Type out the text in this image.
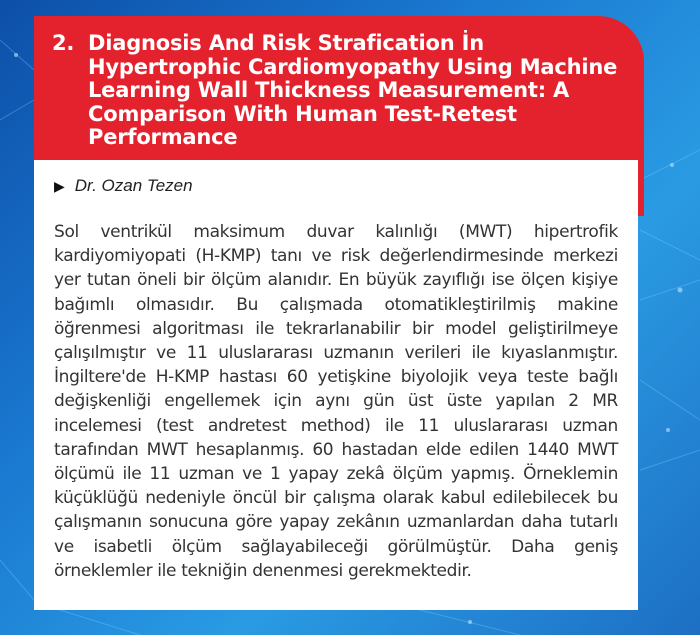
2. Diagnosis And Risk Strafication İn Hypertrophic Cardiomyopathy Using Machine Learning Wall Thickness Measurement: A Comparison With Human Test-Retest Performance
▶ Dr. Ozan Tezen

Sol ventrikül maksimum duvar kalınlığı (MWT) hipertrofik kardiyomiyopati (H-KMP) tanı ve risk değerlendirmesinde merkezi yer tutan öneli bir ölçüm alanıdır. En büyük zayıflığı ise ölçen kişiye bağımlı olmasıdır. Bu çalışmada otomatikleştirilmiş makine öğrenmesi algoritması ile tekrarlanabilir bir model geliştirilmeye çalışılmıştır ve 11 uluslararası uzmanın verileri ile kıyaslanmıştır. İngiltere'de H-KMP hastası 60 yetişkine biyolojik veya teste bağlı değişkenliği engellemek için aynı gün üst üste yapılan 2 MR incelemesi (test andretest method) ile 11 uluslararası uzman tarafından MWT hesaplanmış. 60 hastadan elde edilen 1440 MWT ölçümü ile 11 uzman ve 1 yapay zekâ ölçüm yapmış. Örneklemin küçüklüğü nedeniyle öncül bir çalışma olarak kabul edilebilecek bu çalışmanın sonucuna göre yapay zekânın uzmanlardan daha tutarlı ve isabetli ölçüm sağlayabileceği görülmüştür. Daha geniş örneklemler ile tekniğin denenmesi gerekmektedir.
